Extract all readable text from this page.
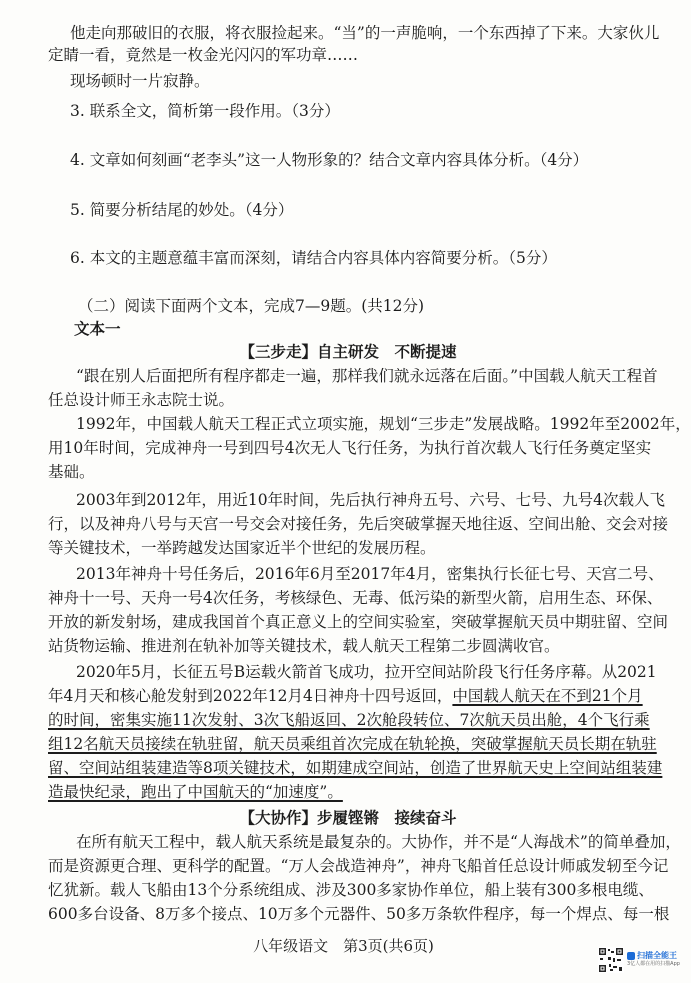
他走向那破旧的衣服，将衣服捡起来。“当”的一声脆响，一个东西掉了下来。大家伙儿
定睛一看，竟然是一枚金光闪闪的军功章……
现场顿时一片寂静。
3. 联系全文，简析第一段作用。（3分）
4. 文章如何刻画“老李头”这一人物形象的？结合文章内容具体分析。（4分）
5. 简要分析结尾的妙处。（4分）
6. 本文的主题意蕴丰富而深刻，请结合内容具体内容简要分析。（5分）
（二）阅读下面两个文本，完成7—9题。(共12分)
文本一
【三步走】自主研发　不断提速
“跟在别人后面把所有程序都走一遍，那样我们就永远落在后面。”中国载人航天工程首
任总设计师王永志院士说。
1992年，中国载人航天工程正式立项实施，规划“三步走”发展战略。1992年至2002年，
用10年时间，完成神舟一号到四号4次无人飞行任务，为执行首次载人飞行任务奠定坚实
基础。
2003年到2012年，用近10年时间，先后执行神舟五号、六号、七号、九号4次载人飞
行，以及神舟八号与天宫一号交会对接任务，先后突破掌握天地往返、空间出舱、交会对接
等关键技术，一举跨越发达国家近半个世纪的发展历程。
2013年神舟十号任务后，2016年6月至2017年4月，密集执行长征七号、天宫二号、
神舟十一号、天舟一号4次任务，考核绿色、无毒、低污染的新型火箭，启用生态、环保、
开放的新发射场，建成我国首个真正意义上的空间实验室，突破掌握航天员中期驻留、空间
站货物运输、推进剂在轨补加等关键技术，载人航天工程第二步圆满收官。
2020年5月，长征五号B运载火箭首飞成功，拉开空间站阶段飞行任务序幕。从2021
年4月天和核心舱发射到2022年12月4日神舟十四号返回，中国载人航天在不到21个月
的时间，密集实施11次发射、3次飞船返回、2次舱段转位、7次航天员出舱，4个飞行乘
组12名航天员接续在轨驻留，航天员乘组首次完成在轨轮换，突破掌握航天员长期在轨驻
留、空间站组装建造等8项关键技术，如期建成空间站，创造了世界航天史上空间站组装建
造最快纪录，跑出了中国航天的“加速度”。
【大协作】步履铿锵　接续奋斗
在所有航天工程中，载人航天系统是最复杂的。大协作，并不是“人海战术”的简单叠加，
而是资源更合理、更科学的配置。“万人会战造神舟”，神舟飞船首任总设计师戚发轫至今记
忆犹新。载人飞船由13个分系统组成、涉及300多家协作单位，船上装有300多根电缆、
600多台设备、8万多个接点、10万多个元器件、50多万条软件程序，每一个焊点、每一根
八年级语文　第3页(共6页)
扫描全能王
3亿人都在用的扫描App
